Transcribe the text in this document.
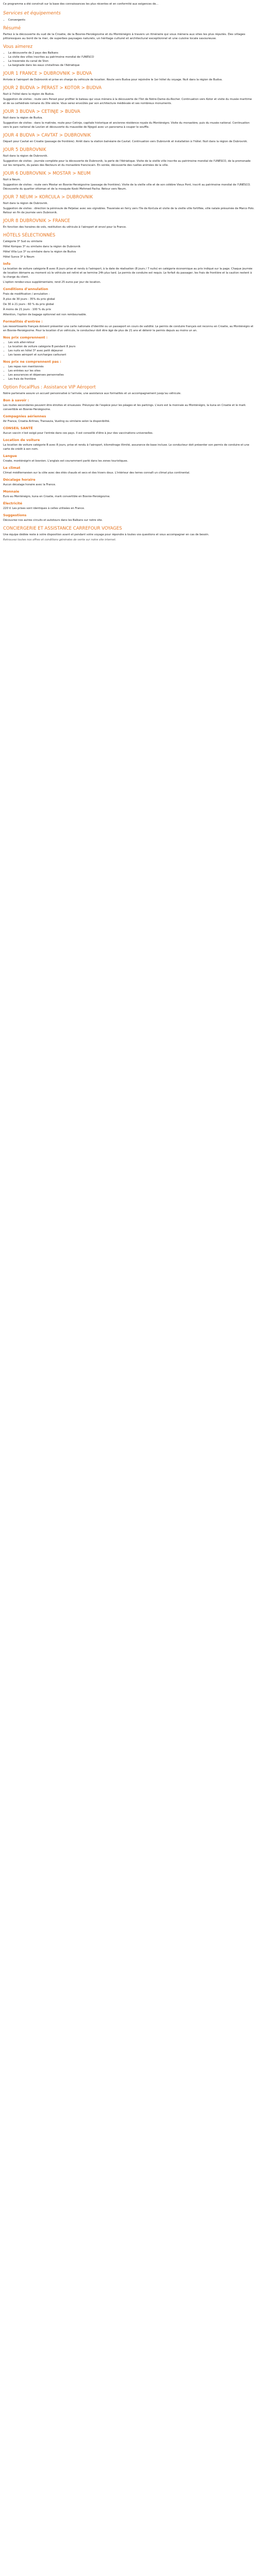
Ce programme a été construit sur la base des connaissances les plus récentes et en conformité aux exigences de...

Services et équipements
• Convergents
Résumé

Partez à la découverte du sud de la Croatie, de la Bosnie-Herzégovine et du Monténégro à travers un itinéraire qui vous mènera aux sites les plus réputés. Des villages pittoresques au bord de la mer, de superbes paysages naturels, un héritage culturel et architectural exceptionnel et une cuisine locale savoureuse.

Vous aimerez
• La découverte de 2 pays des Balkans
• La visite des villes inscrites au patrimoine mondial de l'UNESCO
• La traversée du canal de Ston
• La baignade dans les eaux cristallines de l'Adriatique
JOUR 1 FRANCE > DUBROVNIK > BUDVA

Arrivée à l'aéroport de Dubrovnik et prise en charge du véhicule de location. Route vers Budva pour rejoindre le 1er hôtel du voyage. Nuit dans la région de Budva.

JOUR 2 BUDVA > PERAST > KOTOR > BUDVA

Nuit à l'hôtel dans la région de Budva.

Suggestion de visites : route vers Perast pour profiter le bateau qui vous mènera à la découverte de l'îlot de Notre-Dame-du-Rocher. Continuation vers Kotor et visite du musée maritime et de sa cathédrale romane du XIIe siècle. Vous serez envoûtés par son architecture médiévale et ses nombreux monuments.

JOUR 3 BUDVA > CETINJE > BUDVA

Nuit dans la région de Budva.

Suggestion de visites : dans la matinée, route pour Cetinje, capitale historique et ancienne résidence royale du Monténégro. Visite du monastère, puis du musée national. Continuation vers le parc national de Lovćen et découverte du mausolée de Njegoš avec un panorama à couper le souffle.

JOUR 4 BUDVA > CAVTAT > DUBROVNIK

Départ pour Cavtat en Croatie (passage de frontière). Arrêt dans la station balnéaire de Cavtat. Continuation vers Dubrovnik et installation à l'hôtel. Nuit dans la région de Dubrovnik.

JOUR 5 DUBROVNIK

Nuit dans la région de Dubrovnik.

Suggestion de visites : journée complète pour la découverte de Dubrovnik, la perle de l'Adriatique. Visite de la vieille ville inscrite au patrimoine mondial de l'UNESCO, de la promenade sur les remparts, du palais des Recteurs et du monastère franciscain. En soirée, découverte des ruelles animées de la ville.

JOUR 6 DUBROVNIK > MOSTAR > NEUM

Nuit à Neum.

Suggestion de visites : route vers Mostar en Bosnie-Herzégovine (passage de frontière). Visite de la vieille ville et de son célèbre Vieux Pont, inscrit au patrimoine mondial de l'UNESCO. Découverte du quartier ottoman et de la mosquée Koski Mehmed Pacha. Retour vers Neum.

JOUR 7 NEUM > KORCULA > DUBROVNIK

Nuit dans la région de Dubrovnik.

Suggestion de visites : direction la péninsule de Pelješac avec ses vignobles. Traversée en ferry vers l'île de Korčula et visite de la vieille ville fortifiée, ville natale présumée de Marco Polo. Retour en fin de journée vers Dubrovnik.

JOUR 8 DUBROVNIK > FRANCE

En fonction des horaires de vols, restitution du véhicule à l'aéroport et envol pour la France.

HÔTELS SÉLECTIONNÉS

Catégorie 3* Sud ou similaire

Hôtel Kompas 3* ou similaire dans la région de Dubrovnik

Hôtel Villa Lux 3* ou similaire dans la région de Budva

Hôtel Sunce 3* à Neum

Info

La location de voiture catégorie B avec 8 jours prise et rendu à l'aéroport, à la date de réalisation (8 jours / 7 nuits) en catégorie économique au prix indiqué sur la page. Chaque journée de location démarre au moment où le véhicule est retiré et se termine 24h plus tard. Le permis de conduire est requis. Le forfait du passager, les frais de frontière et la caution restent à la charge du client.

L'option rendez-vous supplémentaire, rend 25 euros par jour de location.

Conditions d'annulation

Frais de modification / annulation :

À plus de 30 jours : 35% du prix global

De 30 à 21 jours : 60 % du prix global

À moins de 21 jours : 100 % du prix

Attention, l'option de bagage optionnel est non remboursable.

Formalités d'entrée :

Les ressortissants français doivent présenter une carte nationale d'identité ou un passeport en cours de validité. Le permis de conduire français est reconnu en Croatie, au Monténégro et en Bosnie-Herzégovine. Pour la location d'un véhicule, le conducteur doit être âgé de plus de 21 ans et détenir le permis depuis au moins un an.

Nos prix comprennent :
• Les vols aller-retour
• La location de voiture catégorie B pendant 8 jours
• Les nuits en hôtel 3* avec petit déjeuner
• Les taxes aéroport et surcharges carburant
Nos prix ne comprennent pas :
• Les repas non mentionnés
• Les entrées sur les sites
• Les assurances et dépenses personnelles
• Les frais de frontière
Option FocalPlus : Assistance VIP Aéroport

Notre partenaire assure un accueil personnalisé à l'arrivée, une assistance aux formalités et un accompagnement jusqu'au véhicule.

Bon à savoir :

Les routes secondaires peuvent être étroites et sinueuses. Prévoyez de l'espèce pour les péages et les parkings. L'euro est la monnaie au Monténégro, la kuna en Croatie et le mark convertible en Bosnie-Herzégovine.

Compagnies aériennes

Air France, Croatia Airlines, Transavia, Vueling ou similaire selon la disponibilité.

CONSEIL SANTÉ

Aucun vaccin n'est exigé pour l'entrée dans ces pays. Il est conseillé d'être à jour des vaccinations universelles.

Location de voiture

La location de voiture catégorie B avec 8 jours, prise et rendu à l'aéroport, kilométrage illimité, assurance de base incluse. Le conducteur doit présenter son permis de conduire et une carte de crédit à son nom.

Langue

Croate, monténégrin et bosnien. L'anglais est couramment parlé dans les zones touristiques.

Le climat

Climat méditerranéen sur la côte avec des étés chauds et secs et des hivers doux. L'intérieur des terres connaît un climat plus continental.

Décalage horaire

Aucun décalage horaire avec la France.

Monnaie

Euro au Monténégro, kuna en Croatie, mark convertible en Bosnie-Herzégovine.

Électricité

220 V. Les prises sont identiques à celles utilisées en France.

Suggestions

Découvrez nos autres circuits et autotours dans les Balkans sur notre site.

CONCIERGERIE ET ASSISTANCE CARREFOUR VOYAGES

Une équipe dédiée reste à votre disposition avant et pendant votre voyage pour répondre à toutes vos questions et vous accompagner en cas de besoin.

Retrouvez toutes nos offres et conditions générales de vente sur notre site internet.
